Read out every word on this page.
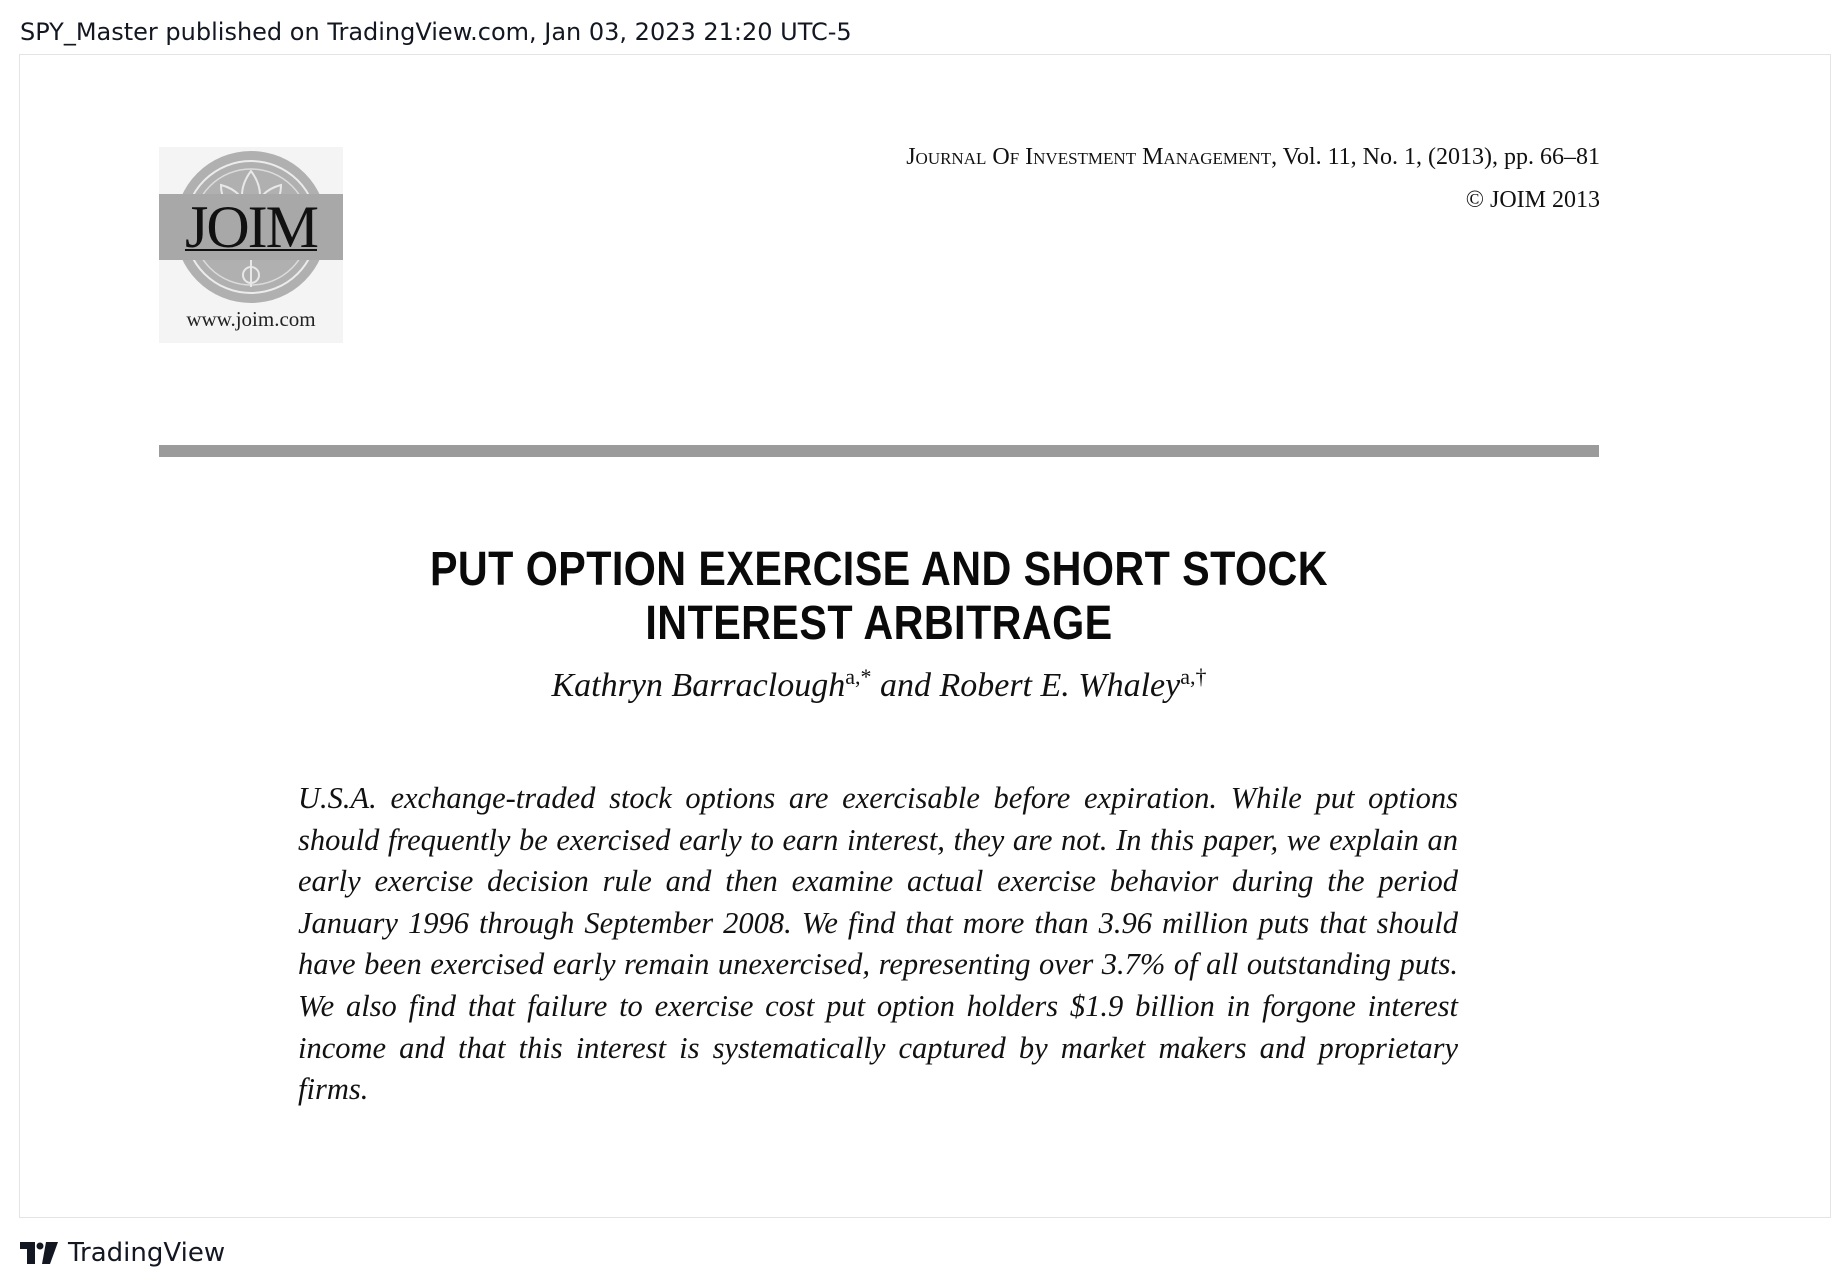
SPY_Master published on TradingView.com, Jan 03, 2023 21:20 UTC-5
JOIM
www.joim.com
Journal Of Investment Management, Vol. 11, No. 1, (2013), pp. 66–81
© JOIM 2013
PUT OPTION EXERCISE AND SHORT STOCK
INTEREST ARBITRAGE
Kathryn Barraclough$^{a,*}$ and Robert E. Whaley$^{a,\dagger}$
U.S.A. exchange-traded stock options are exercisable before expiration. While put options should frequently be exercised early to earn interest, they are not. In this paper, we explain an early exercise decision rule and then examine actual exercise behavior during the period January 1996 through September 2008. We find that more than 3.96 million puts that should have been exercised early remain unexercised, representing over 3.7% of all outstanding puts. We also find that failure to exercise cost put option holders $1.9 billion in forgone interest income and that this interest is systematically captured by market makers and proprietary firms.
TradingView
